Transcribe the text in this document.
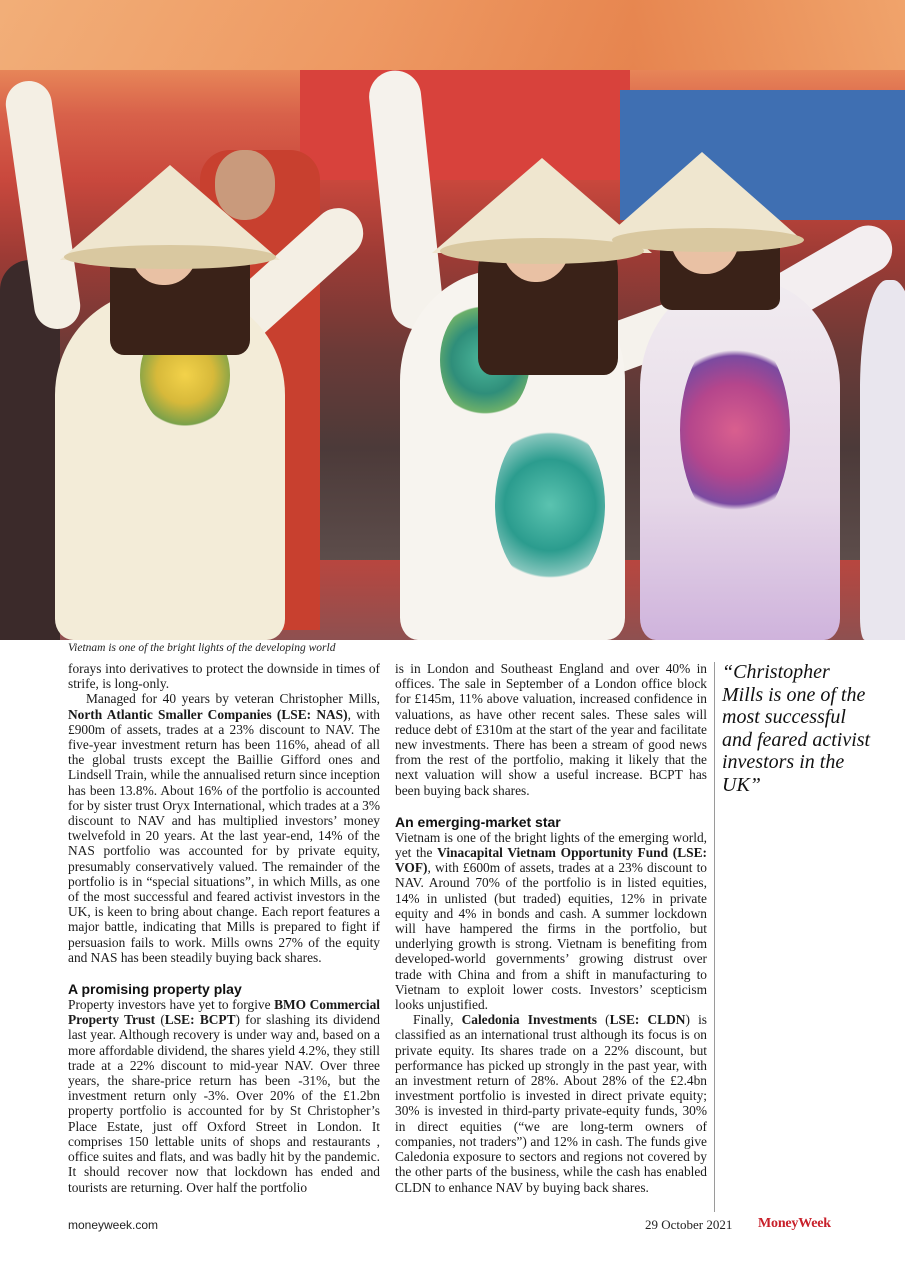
Vietnam is one of the bright lights of the developing world

forays into derivatives to protect the downside in times of strife, is long-only.

Managed for 40 years by veteran Christopher Mills, North Atlantic Smaller Companies (LSE: NAS), with £900m of assets, trades at a 23% discount to NAV. The five-year investment return has been 116%, ahead of all the global trusts except the Baillie Gifford ones and Lindsell Train, while the annualised return since inception has been 13.8%. About 16% of the portfolio is accounted for by sister trust Oryx International, which trades at a 3% discount to NAV and has multiplied investors’ money twelvefold in 20 years. At the last year-end, 14% of the NAS portfolio was accounted for by private equity, presumably conservatively valued. The remainder of the portfolio is in “special situations”, in which Mills, as one of the most successful and feared activist investors in the UK, is keen to bring about change. Each report features a major battle, indicating that Mills is prepared to fight if persuasion fails to work. Mills owns 27% of the equity and NAS has been steadily buying back shares.

A promising property play

Property investors have yet to forgive BMO Commercial Property Trust (LSE: BCPT) for slashing its dividend last year. Although recovery is under way and, based on a more affordable dividend, the shares yield 4.2%, they still trade at a 22% discount to mid-year NAV. Over three years, the share-price return has been -31%, but the investment return only -3%. Over 20% of the £1.2bn property portfolio is accounted for by St Christopher’s Place Estate, just off Oxford Street in London. It comprises 150 lettable units of shops and restaurants , office suites and flats, and was badly hit by the pandemic. It should recover now that lockdown has ended and tourists are returning. Over half the portfolio

is in London and Southeast England and over 40% in offices. The sale in September of a London office block for £145m, 11% above valuation, increased confidence in valuations, as have other recent sales. These sales will reduce debt of £310m at the start of the year and facilitate new investments. There has been a stream of good news from the rest of the portfolio, making it likely that the next valuation will show a useful increase. BCPT has been buying back shares.

An emerging-market star

Vietnam is one of the bright lights of the emerging world, yet the Vinacapital Vietnam Opportunity Fund (LSE: VOF), with £600m of assets, trades at a 23% discount to NAV. Around 70% of the portfolio is in listed equities, 14% in unlisted (but traded) equities, 12% in private equity and 4% in bonds and cash. A summer lockdown will have hampered the firms in the portfolio, but underlying growth is strong. Vietnam is benefiting from developed-world governments’ growing distrust over trade with China and from a shift in manufacturing to Vietnam to exploit lower costs. Investors’ scepticism looks unjustified.

Finally, Caledonia Investments (LSE: CLDN) is classified as an international trust although its focus is on private equity. Its shares trade on a 22% discount, but performance has picked up strongly in the past year, with an investment return of 28%. About 28% of the £2.4bn investment portfolio is invested in direct private equity; 30% is invested in third-party private-equity funds, 30% in direct equities (“we are long-term owners of companies, not traders”) and 12% in cash. The funds give Caledonia exposure to sectors and regions not covered by the other parts of the business, while the cash has enabled CLDN to enhance NAV by buying back shares.

“Christopher Mills is one of the most successful and feared activist investors in the UK”
moneyweek.com	29 October 2021 MoneyWeek
